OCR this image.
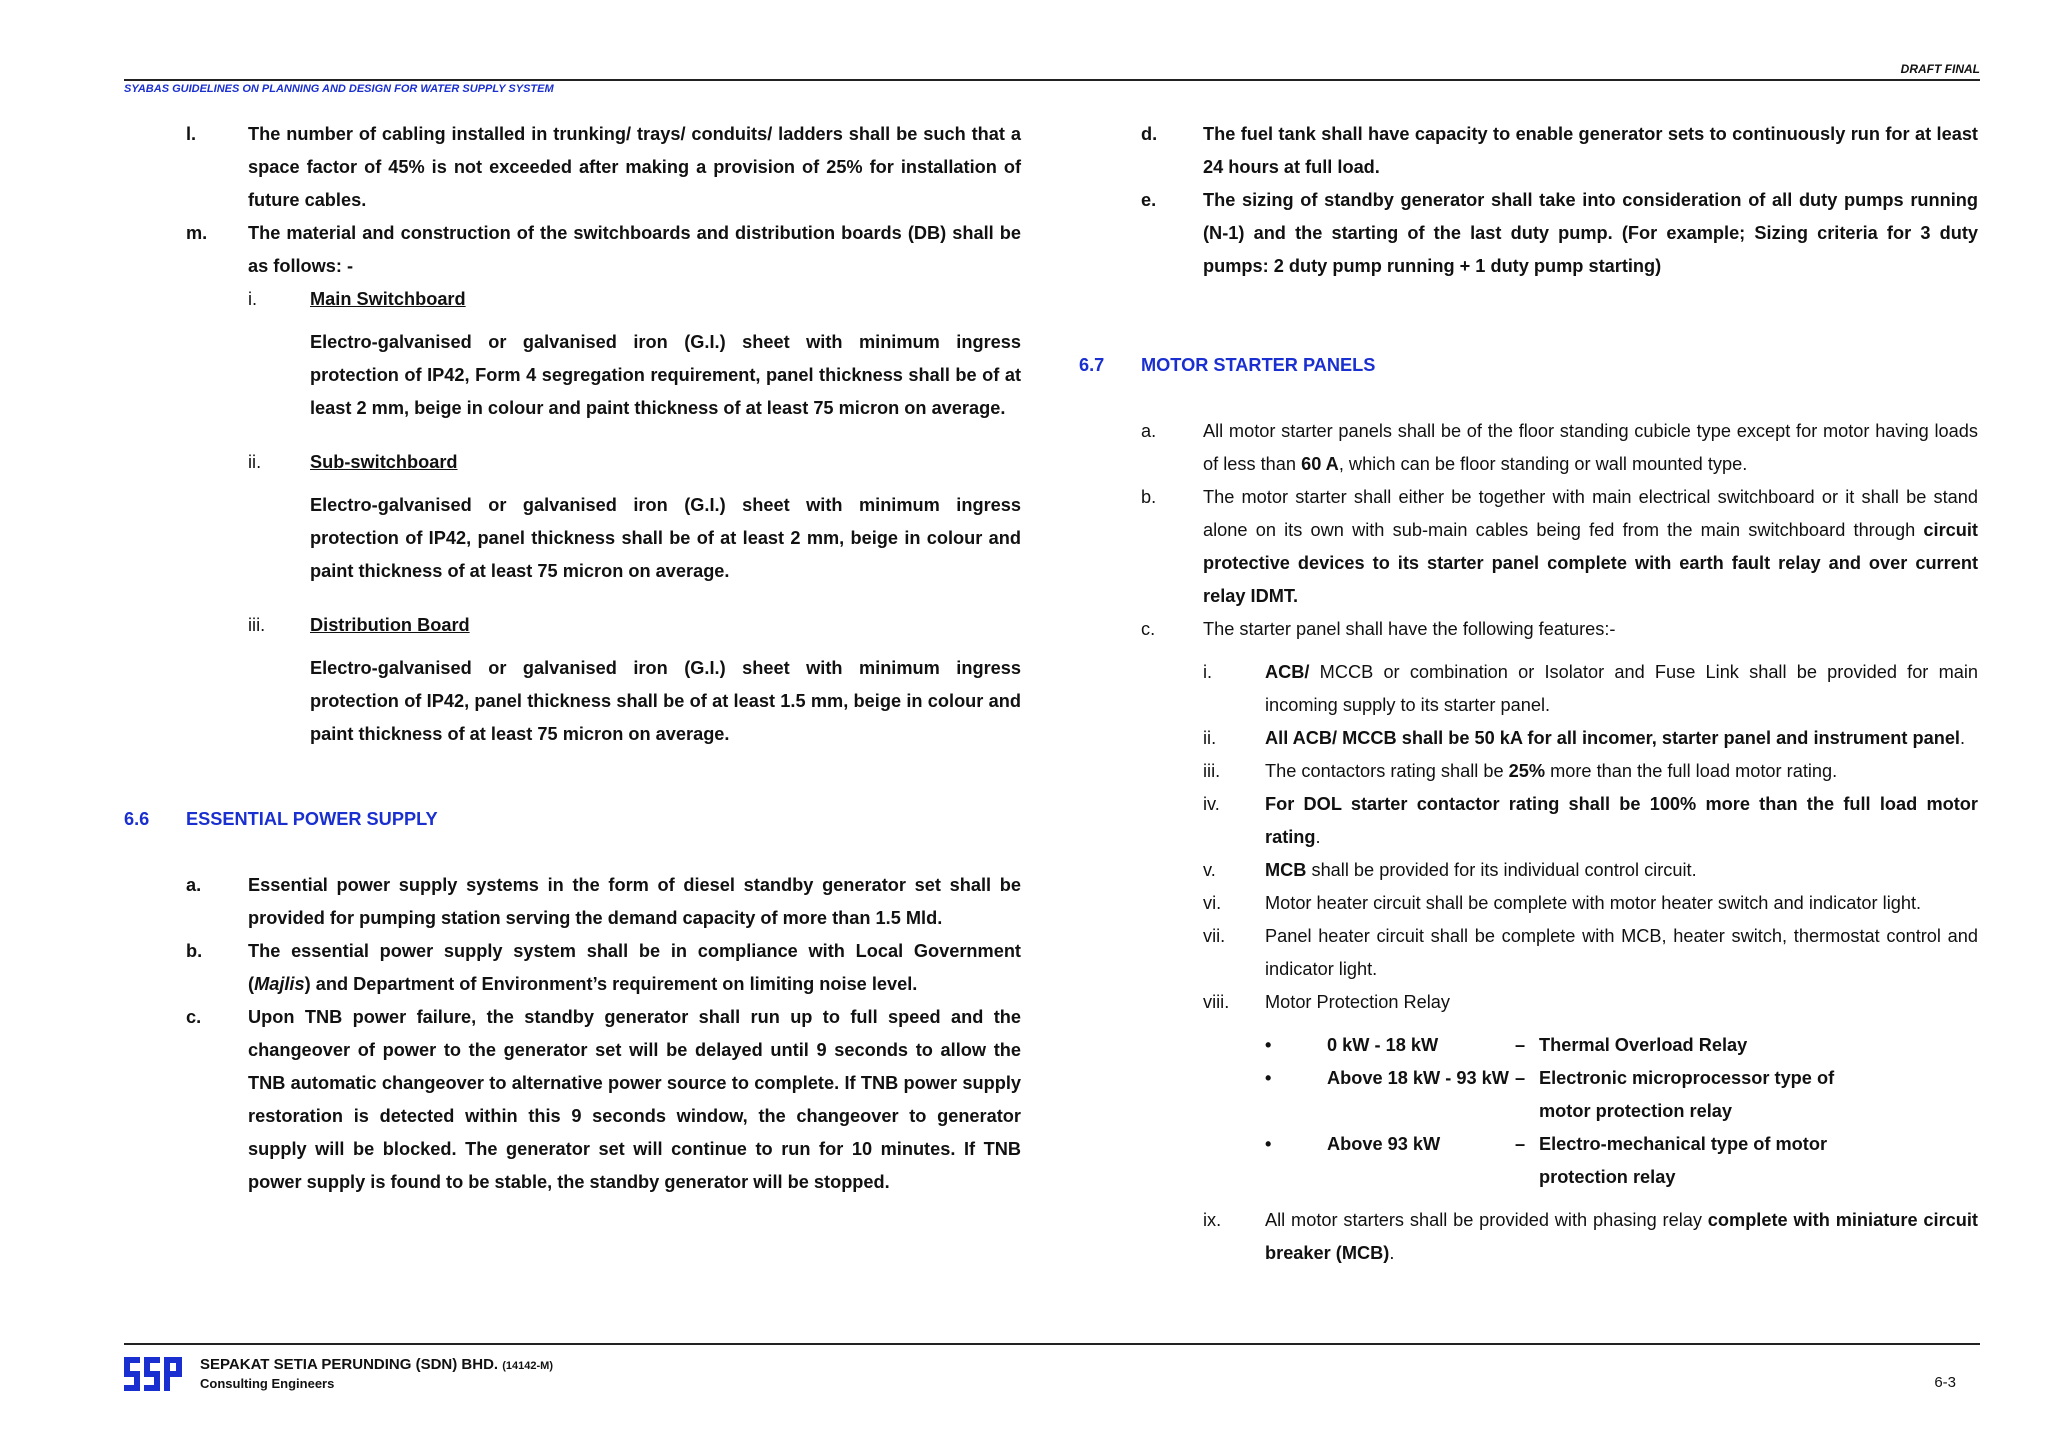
DRAFT FINAL
SYABAS GUIDELINES ON PLANNING AND DESIGN FOR WATER SUPPLY SYSTEM
l.	The number of cabling installed in trunking/ trays/ conduits/ ladders shall be such that a space factor of 45% is not exceeded after making a provision of 25% for installation of future cables.
m.	The material and construction of the switchboards and distribution boards (DB) shall be as follows: -
i.	Main Switchboard

Electro-galvanised or galvanised iron (G.I.) sheet with minimum ingress protection of IP42, Form 4 segregation requirement, panel thickness shall be of at least 2 mm, beige in colour and paint thickness of at least 75 micron on average.

ii.	Sub-switchboard

Electro-galvanised or galvanised iron (G.I.) sheet with minimum ingress protection of IP42, panel thickness shall be of at least 2 mm, beige in colour and paint thickness of at least 75 micron on average.

iii.	Distribution Board

Electro-galvanised or galvanised iron (G.I.) sheet with minimum ingress protection of IP42, panel thickness shall be of at least 1.5 mm, beige in colour and paint thickness of at least 75 micron on average.

6.6	ESSENTIAL POWER SUPPLY
a.	Essential power supply systems in the form of diesel standby generator set shall be provided for pumping station serving the demand capacity of more than 1.5 Mld.
b.	The essential power supply system shall be in compliance with Local Government (Majlis) and Department of Environment’s requirement on limiting noise level.
c.	Upon TNB power failure, the standby generator shall run up to full speed and the changeover of power to the generator set will be delayed until 9 seconds to allow the TNB automatic changeover to alternative power source to complete. If TNB power supply restoration is detected within this 9 seconds window, the changeover to generator supply will be blocked. The generator set will continue to run for 10 minutes. If TNB power supply is found to be stable, the standby generator will be stopped.
d.	The fuel tank shall have capacity to enable generator sets to continuously run for at least 24 hours at full load.
e.	The sizing of standby generator shall take into consideration of all duty pumps running (N-1) and the starting of the last duty pump. (For example; Sizing criteria for 3 duty pumps: 2 duty pump running + 1 duty pump starting)
6.7	MOTOR STARTER PANELS
a.	All motor starter panels shall be of the floor standing cubicle type except for motor having loads of less than 60 A, which can be floor standing or wall mounted type.
b.	The motor starter shall either be together with main electrical switchboard or it shall be stand alone on its own with sub-main cables being fed from the main switchboard through circuit protective devices to its starter panel complete with earth fault relay and over current relay IDMT.
c.	The starter panel shall have the following features:-
i.	ACB/ MCCB or combination or Isolator and Fuse Link shall be provided for main incoming supply to its starter panel.
ii.	All ACB/ MCCB shall be 50 kA for all incomer, starter panel and instrument panel.
iii.	The contactors rating shall be 25% more than the full load motor rating.
iv.	For DOL starter contactor rating shall be 100% more than the full load motor rating.
v.	MCB shall be provided for its individual control circuit.
vi.	Motor heater circuit shall be complete with motor heater switch and indicator light.
vii.	Panel heater circuit shall be complete with MCB, heater switch, thermostat control and indicator light.
viii.	Motor Protection Relay
•	0 kW - 18 kW	– Thermal Overload Relay
•	Above 18 kW - 93 kW – Electronic microprocessor type of motor protection relay
•	Above 93 kW	– Electro-mechanical type of motor protection relay
ix.	All motor starters shall be provided with phasing relay complete with miniature circuit breaker (MCB).
SEPAKAT SETIA PERUNDING (SDN) BHD. (14142-M)
Consulting Engineers	6-3
